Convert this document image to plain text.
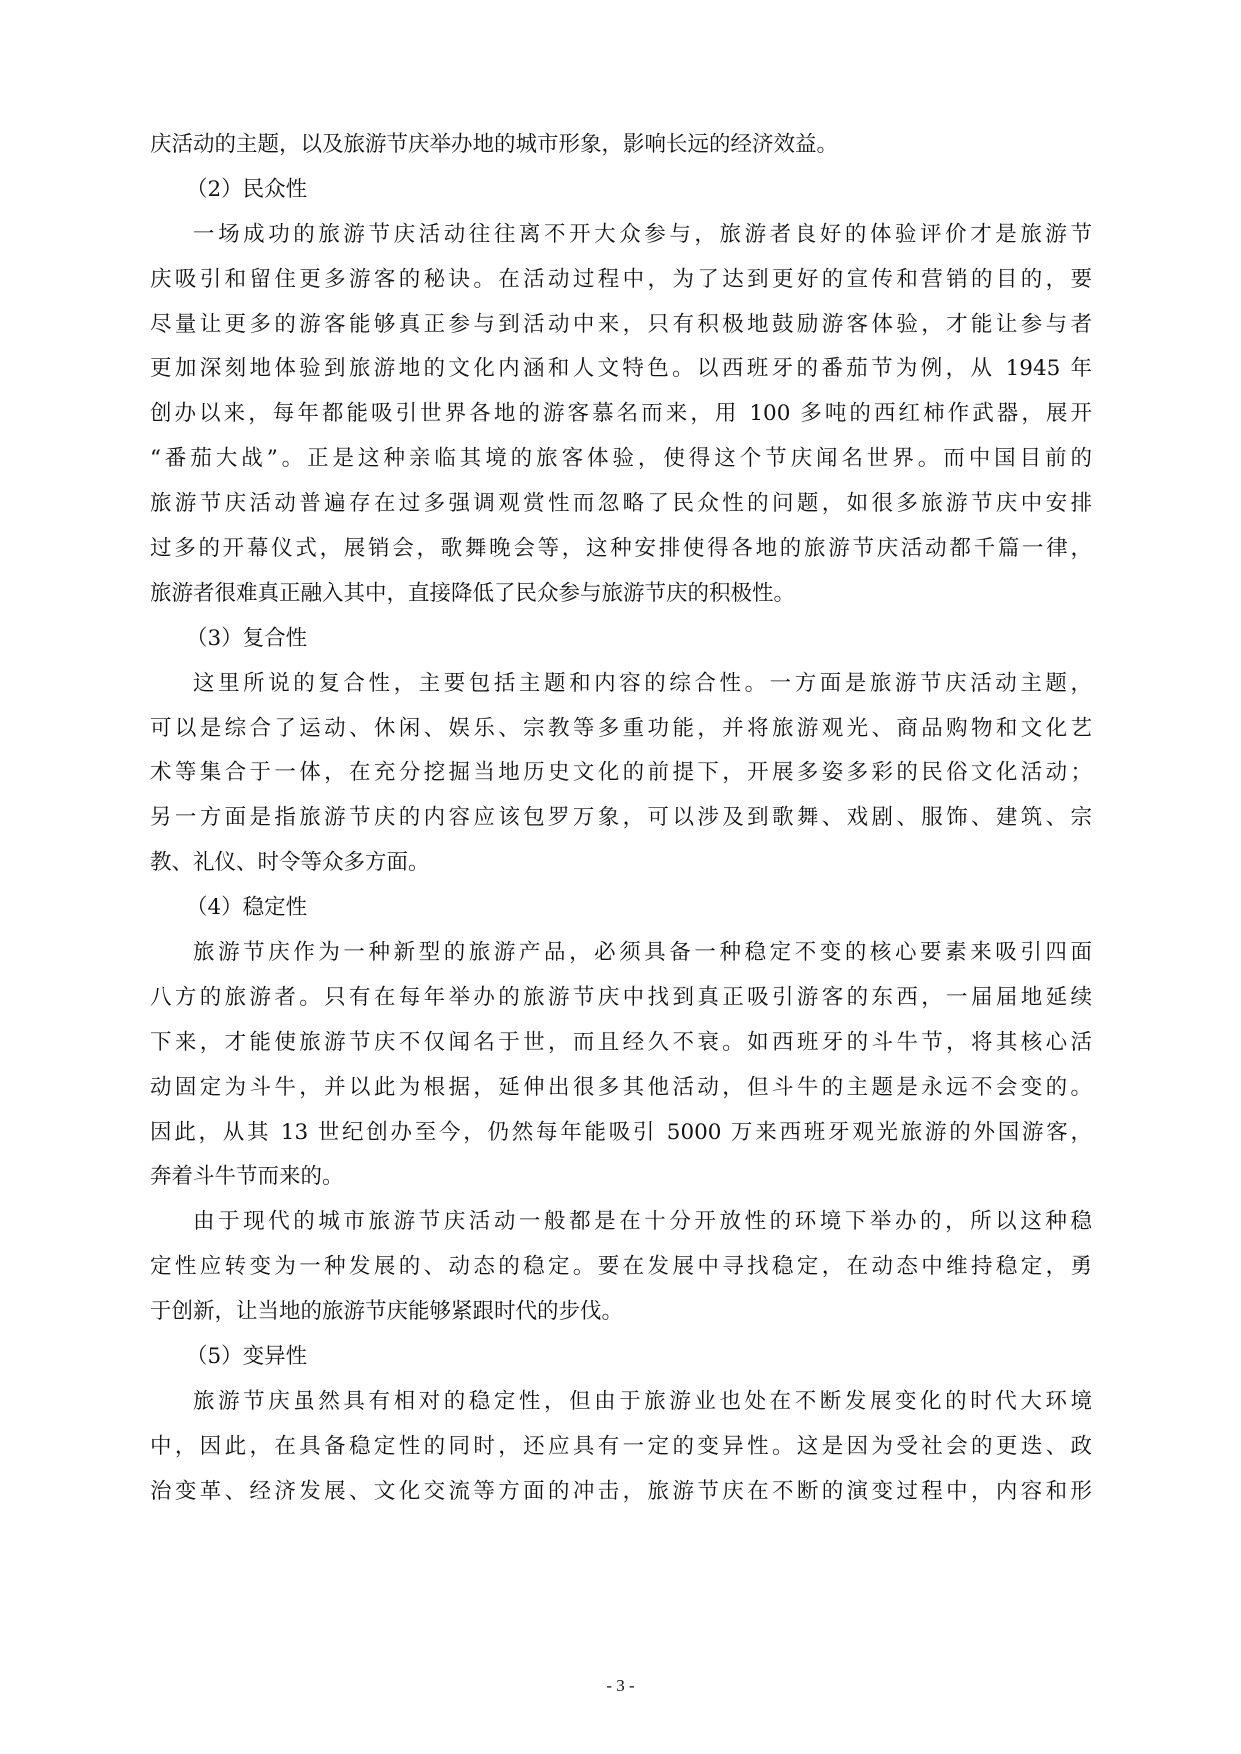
庆活动的主题，以及旅游节庆举办地的城市形象，影响长远的经济效益。
（2）民众性
一场成功的旅游节庆活动往往离不开大众参与，旅游者良好的体验评价才是旅游节
庆吸引和留住更多游客的秘诀。在活动过程中，为了达到更好的宣传和营销的目的，要
尽量让更多的游客能够真正参与到活动中来，只有积极地鼓励游客体验，才能让参与者
更加深刻地体验到旅游地的文化内涵和人文特色。以西班牙的番茄节为例，从 1945 年
创办以来，每年都能吸引世界各地的游客慕名而来，用 100 多吨的西红柿作武器，展开
“番茄大战”。正是这种亲临其境的旅客体验，使得这个节庆闻名世界。而中国目前的
旅游节庆活动普遍存在过多强调观赏性而忽略了民众性的问题，如很多旅游节庆中安排
过多的开幕仪式，展销会，歌舞晚会等，这种安排使得各地的旅游节庆活动都千篇一律，
旅游者很难真正融入其中，直接降低了民众参与旅游节庆的积极性。
（3）复合性
这里所说的复合性，主要包括主题和内容的综合性。一方面是旅游节庆活动主题，
可以是综合了运动、休闲、娱乐、宗教等多重功能，并将旅游观光、商品购物和文化艺
术等集合于一体，在充分挖掘当地历史文化的前提下，开展多姿多彩的民俗文化活动；
另一方面是指旅游节庆的内容应该包罗万象，可以涉及到歌舞、戏剧、服饰、建筑、宗
教、礼仪、时令等众多方面。
（4）稳定性
旅游节庆作为一种新型的旅游产品，必须具备一种稳定不变的核心要素来吸引四面
八方的旅游者。只有在每年举办的旅游节庆中找到真正吸引游客的东西，一届届地延续
下来，才能使旅游节庆不仅闻名于世，而且经久不衰。如西班牙的斗牛节，将其核心活
动固定为斗牛，并以此为根据，延伸出很多其他活动，但斗牛的主题是永远不会变的。
因此，从其 13 世纪创办至今，仍然每年能吸引 5000 万来西班牙观光旅游的外国游客，
奔着斗牛节而来的。
由于现代的城市旅游节庆活动一般都是在十分开放性的环境下举办的，所以这种稳
定性应转变为一种发展的、动态的稳定。要在发展中寻找稳定，在动态中维持稳定，勇
于创新，让当地的旅游节庆能够紧跟时代的步伐。
（5）变异性
旅游节庆虽然具有相对的稳定性，但由于旅游业也处在不断发展变化的时代大环境
中，因此，在具备稳定性的同时，还应具有一定的变异性。这是因为受社会的更迭、政
治变革、经济发展、文化交流等方面的冲击，旅游节庆在不断的演变过程中，内容和形
- 3 -
